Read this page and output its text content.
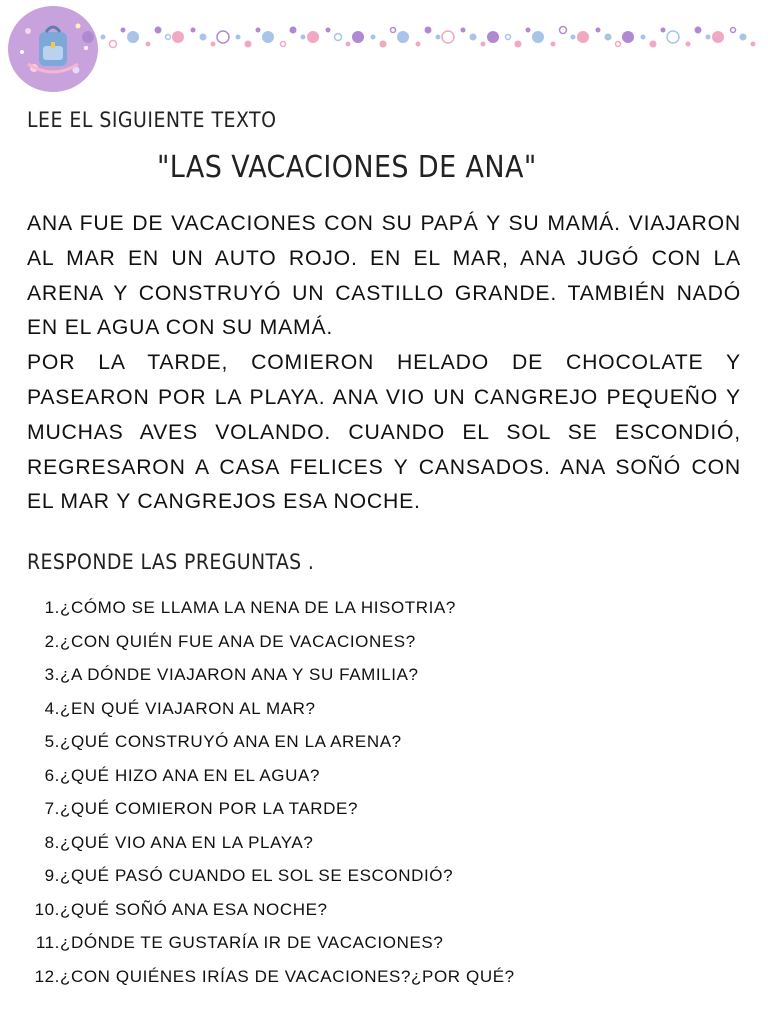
LEE EL SIGUIENTE TEXTO
"LAS VACACIONES DE ANA"

ANA FUE DE VACACIONES CON SU PAPÁ Y SU MAMÁ. VIAJARON AL MAR EN UN AUTO ROJO. EN EL MAR, ANA JUGÓ CON LA ARENA Y CONSTRUYÓ UN CASTILLO GRANDE. TAMBIÉN NADÓ EN EL AGUA CON SU MAMÁ.

POR LA TARDE, COMIERON HELADO DE CHOCOLATE Y PASEARON POR LA PLAYA. ANA VIO UN CANGREJO PEQUEÑO Y MUCHAS AVES VOLANDO. CUANDO EL SOL SE ESCONDIÓ, REGRESARON A CASA FELICES Y CANSADOS. ANA SOÑÓ CON EL MAR Y CANGREJOS ESA NOCHE.

RESPONDE LAS PREGUNTAS .
1. ¿CÓMO SE LLAMA LA NENA DE LA HISOTRIA?
2. ¿CON QUIÉN FUE ANA DE VACACIONES?
3. ¿A DÓNDE VIAJARON ANA Y SU FAMILIA?
4. ¿EN QUÉ VIAJARON AL MAR?
5. ¿QUÉ CONSTRUYÓ ANA EN LA ARENA?
6. ¿QUÉ HIZO ANA EN EL AGUA?
7. ¿QUÉ COMIERON POR LA TARDE?
8. ¿QUÉ VIO ANA EN LA PLAYA?
9. ¿QUÉ PASÓ CUANDO EL SOL SE ESCONDIÓ?
10. ¿QUÉ SOÑÓ ANA ESA NOCHE?
11. ¿DÓNDE TE GUSTARÍA IR DE VACACIONES?
12. ¿CON QUIÉNES IRÍAS DE VACACIONES?¿POR QUÉ?
